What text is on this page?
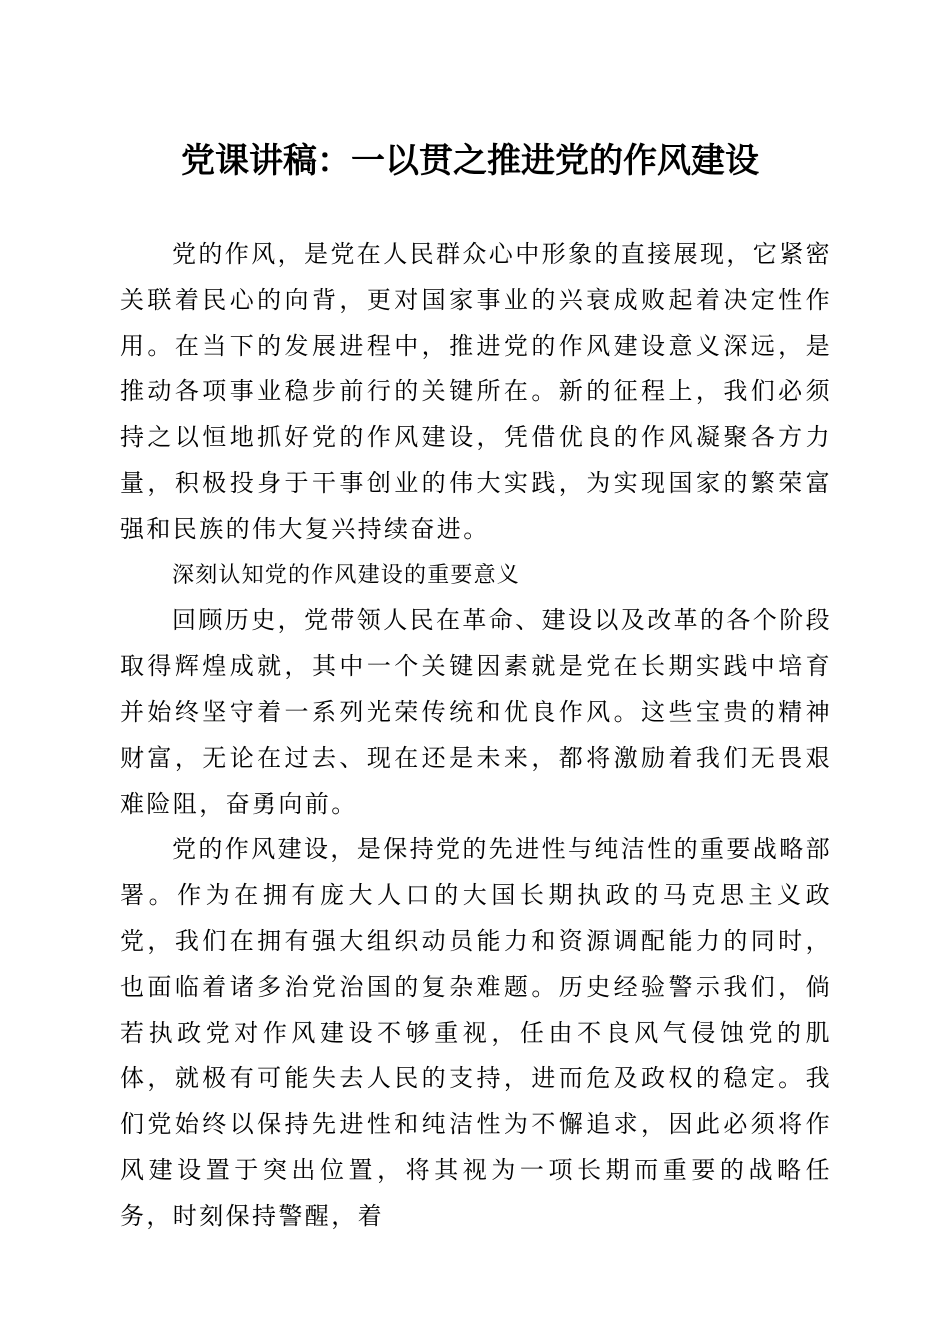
党课讲稿：一以贯之推进党的作风建设

党的作风，是党在人民群众心中形象的直接展现，它紧密关联着民心的向背，更对国家事业的兴衰成败起着决定性作用。在当下的发展进程中，推进党的作风建设意义深远，是推动各项事业稳步前行的关键所在。新的征程上，我们必须持之以恒地抓好党的作风建设，凭借优良的作风凝聚各方力量，积极投身于干事创业的伟大实践，为实现国家的繁荣富强和民族的伟大复兴持续奋进。

深刻认知党的作风建设的重要意义

回顾历史，党带领人民在革命、建设以及改革的各个阶段取得辉煌成就，其中一个关键因素就是党在长期实践中培育并始终坚守着一系列光荣传统和优良作风。这些宝贵的精神财富，无论在过去、现在还是未来，都将激励着我们无畏艰难险阻，奋勇向前。

党的作风建设，是保持党的先进性与纯洁性的重要战略部署。作为在拥有庞大人口的大国长期执政的马克思主义政党，我们在拥有强大组织动员能力和资源调配能力的同时，也面临着诸多治党治国的复杂难题。历史经验警示我们，倘若执政党对作风建设不够重视，任由不良风气侵蚀党的肌体，就极有可能失去人民的支持，进而危及政权的稳定。我们党始终以保持先进性和纯洁性为不懈追求，因此必须将作风建设置于突出位置，将其视为一项长期而重要的战略任务，时刻保持警醒，着
